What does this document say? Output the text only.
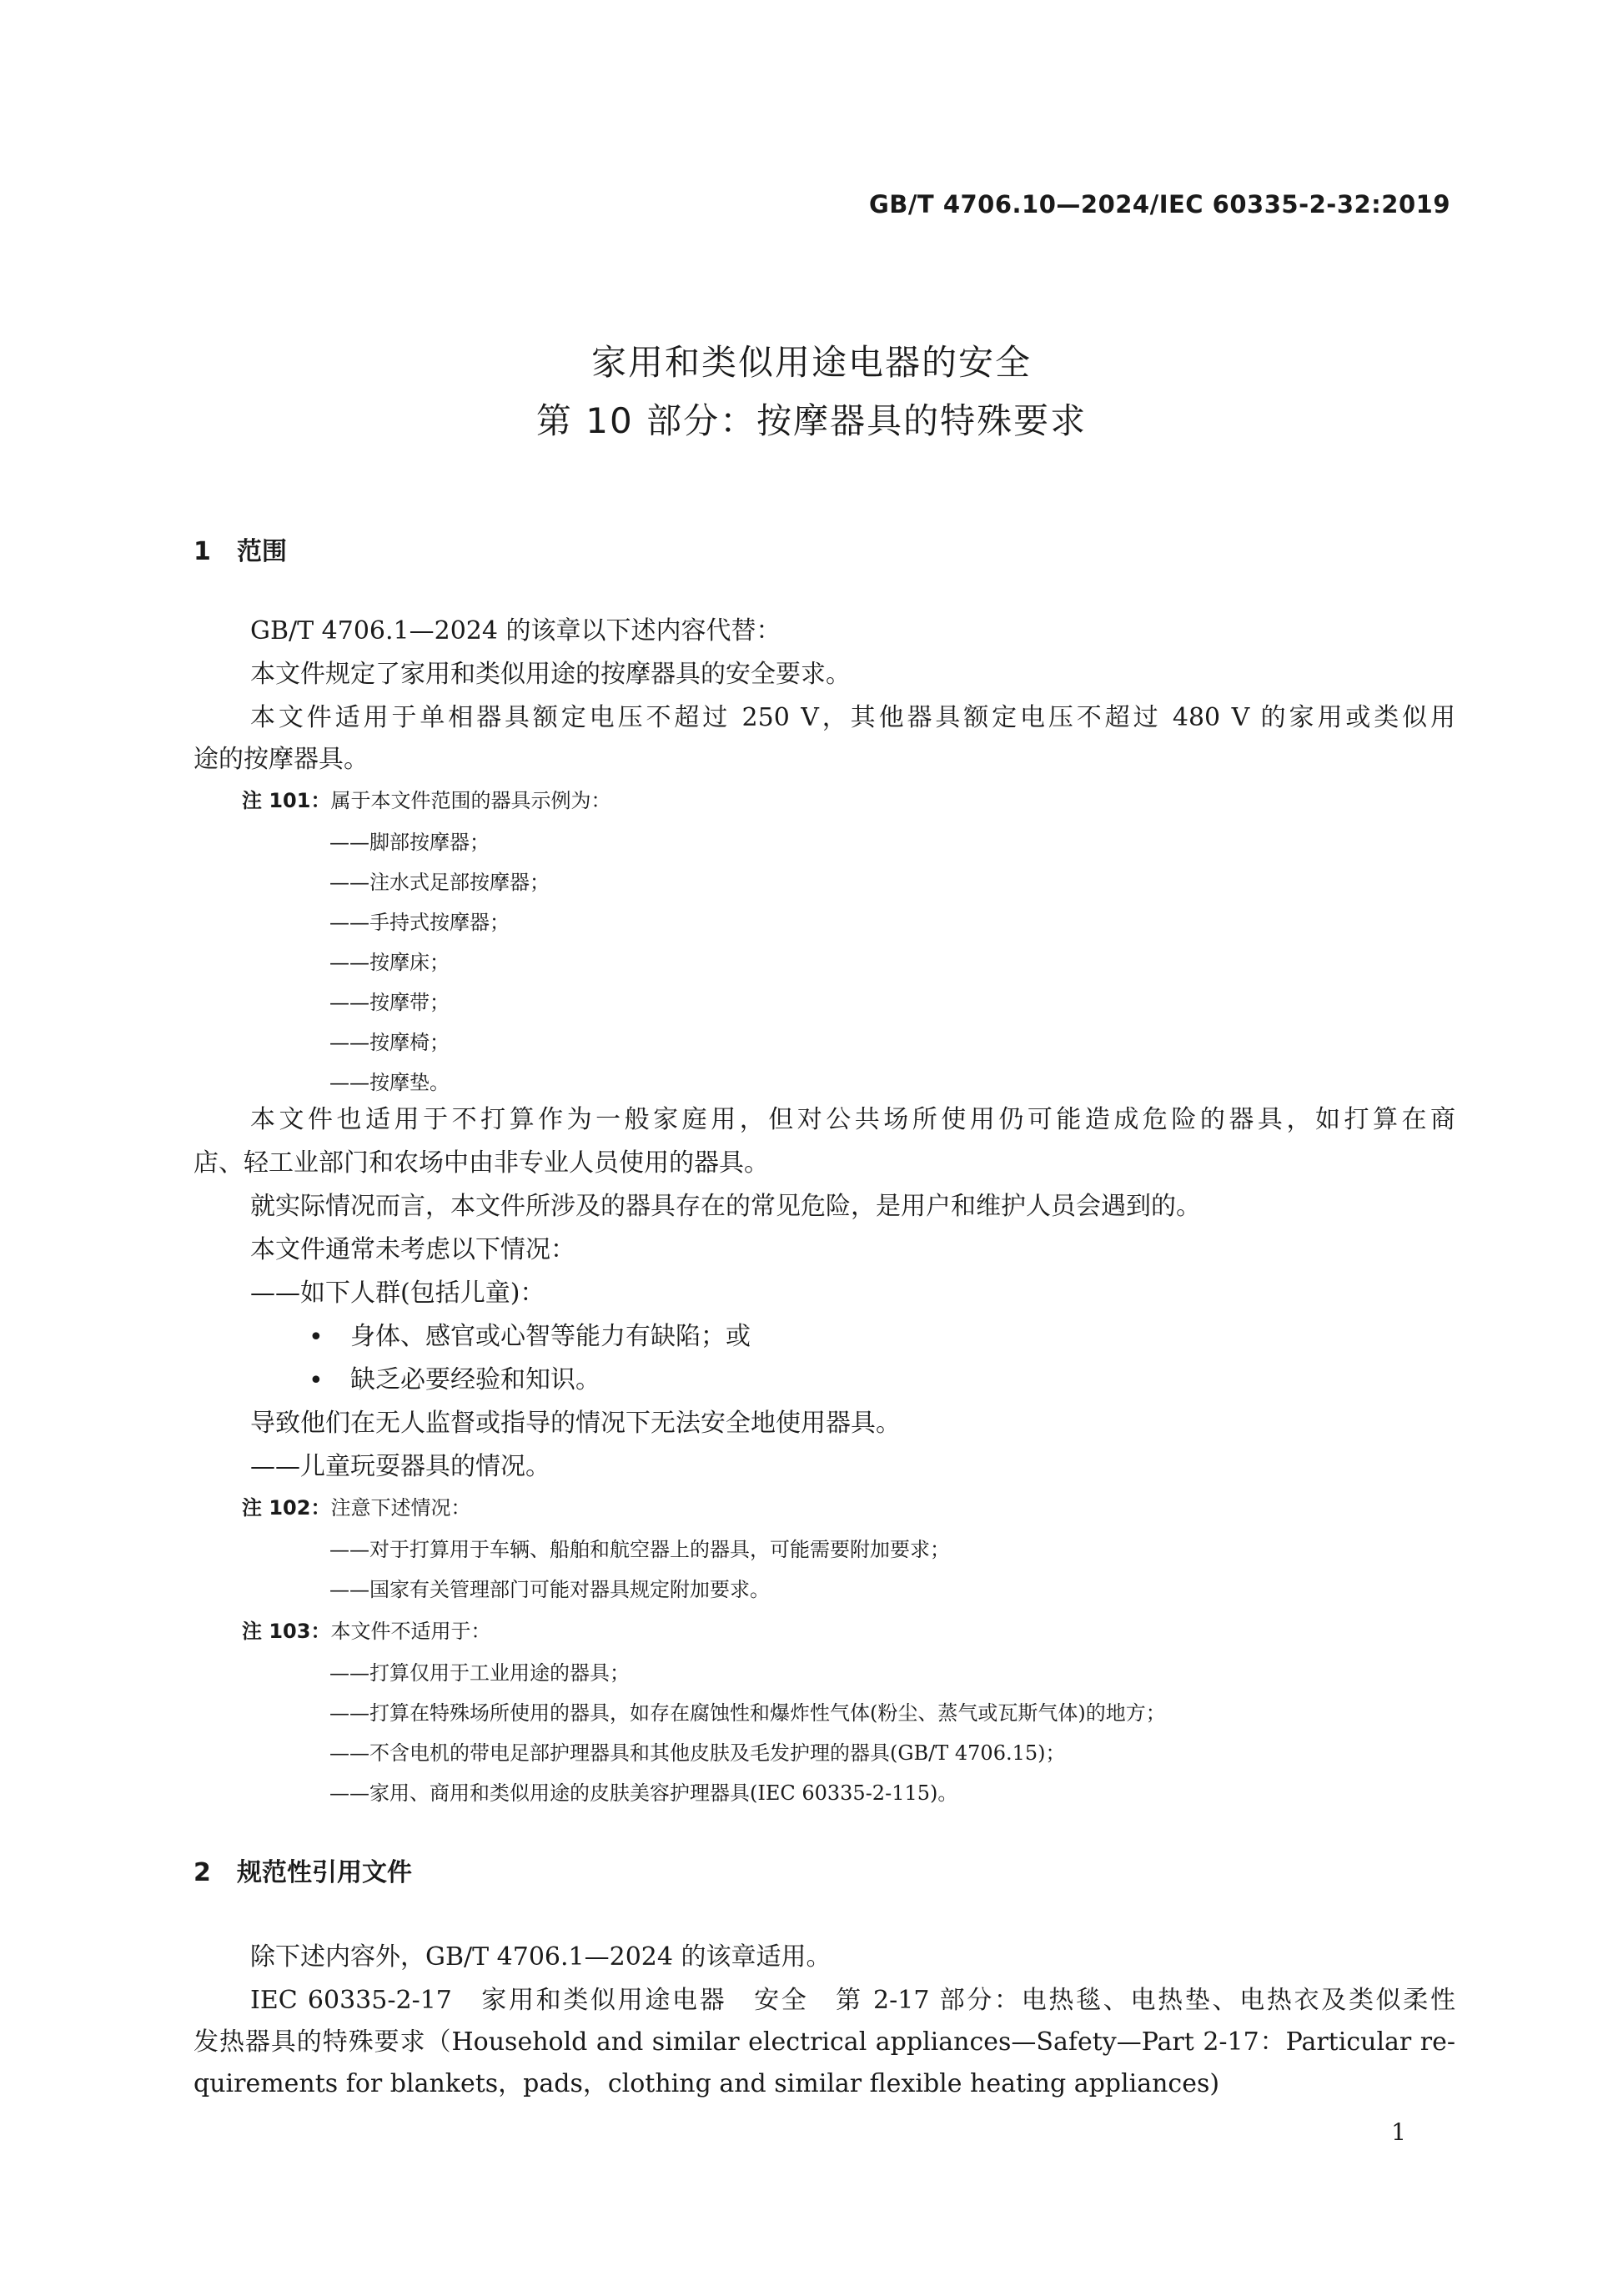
GB/T 4706.10—2024/IEC 60335-2-32:2019
家用和类似用途电器的安全
第 10 部分：按摩器具的特殊要求
1 范围
GB/T 4706.1—2024 的该章以下述内容代替：
本文件规定了家用和类似用途的按摩器具的安全要求。
本文件适用于单相器具额定电压不超过 250 V，其他器具额定电压不超过 480 V 的家用或类似用
途的按摩器具。
注 101：属于本文件范围的器具示例为：
——脚部按摩器；
——注水式足部按摩器；
——手持式按摩器；
——按摩床；
——按摩带；
——按摩椅；
——按摩垫。
本文件也适用于不打算作为一般家庭用，但对公共场所使用仍可能造成危险的器具，如打算在商
店、轻工业部门和农场中由非专业人员使用的器具。
就实际情况而言，本文件所涉及的器具存在的常见危险，是用户和维护人员会遇到的。
本文件通常未考虑以下情况：
——如下人群(包括儿童)：
• 身体、感官或心智等能力有缺陷；或
• 缺乏必要经验和知识。
导致他们在无人监督或指导的情况下无法安全地使用器具。
——儿童玩耍器具的情况。
注 102：注意下述情况：
——对于打算用于车辆、船舶和航空器上的器具，可能需要附加要求；
——国家有关管理部门可能对器具规定附加要求。
注 103：本文件不适用于：
——打算仅用于工业用途的器具；
——打算在特殊场所使用的器具，如存在腐蚀性和爆炸性气体(粉尘、蒸气或瓦斯气体)的地方；
——不含电机的带电足部护理器具和其他皮肤及毛发护理的器具(GB/T 4706.15)；
——家用、商用和类似用途的皮肤美容护理器具(IEC 60335-2-115)。
2 规范性引用文件
除下述内容外，GB/T 4706.1—2024 的该章适用。
IEC 60335-2-17　家用和类似用途电器　安全　第 2-17 部分：电热毯、电热垫、电热衣及类似柔性
发热器具的特殊要求（Household and similar electrical appliances—Safety—Part 2-17：Particular re-
quirements for blankets，pads，clothing and similar flexible heating appliances)
1
